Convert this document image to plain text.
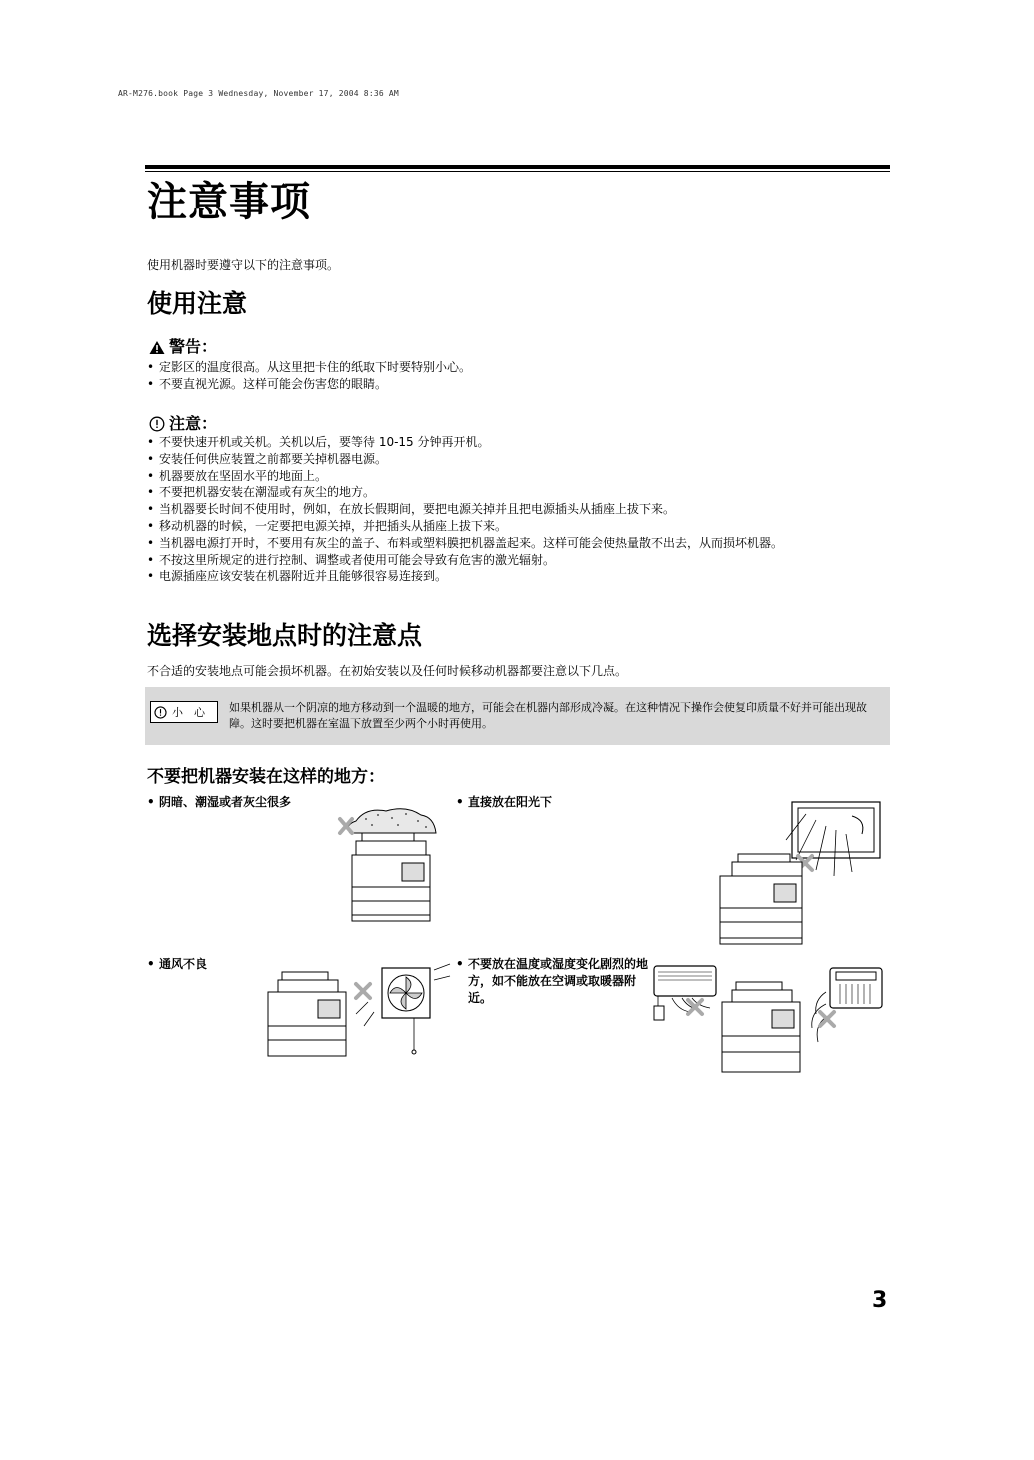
AR-M276.book Page 3 Wednesday, November 17, 2004 8:36 AM
注意事项
使用机器时要遵守以下的注意事项。
使用注意
警告：
• 定影区的温度很高。从这里把卡住的纸取下时要特别小心。
• 不要直视光源。这样可能会伤害您的眼睛。
注意：
• 不要快速开机或关机。关机以后，要等待 10-15 分钟再开机。
• 安装任何供应装置之前都要关掉机器电源。
• 机器要放在坚固水平的地面上。
• 不要把机器安装在潮湿或有灰尘的地方。
• 当机器要长时间不使用时，例如，在放长假期间，要把电源关掉并且把电源插头从插座上拔下来。
• 移动机器的时候，一定要把电源关掉，并把插头从插座上拔下来。
• 当机器电源打开时，不要用有灰尘的盖子、布料或塑料膜把机器盖起来。这样可能会使热量散不出去，从而损坏机器。
• 不按这里所规定的进行控制、调整或者使用可能会导致有危害的激光辐射。
• 电源插座应该安装在机器附近并且能够很容易连接到。
选择安装地点时的注意点
不合适的安装地点可能会损坏机器。在初始安装以及任何时候移动机器都要注意以下几点。
小　心 如果机器从一个阴凉的地方移动到一个温暖的地方，可能会在机器内部形成冷凝。在这种情况下操作会使复印质量不好并可能出现故障。这时要把机器在室温下放置至少两个小时再使用。
不要把机器安装在这样的地方：
• 阴暗、潮湿或者灰尘很多	• 直接放在阳光下
• 通风不良	• 不要放在温度或湿度变化剧烈的地方，如不能放在空调或取暖器附近。
3
